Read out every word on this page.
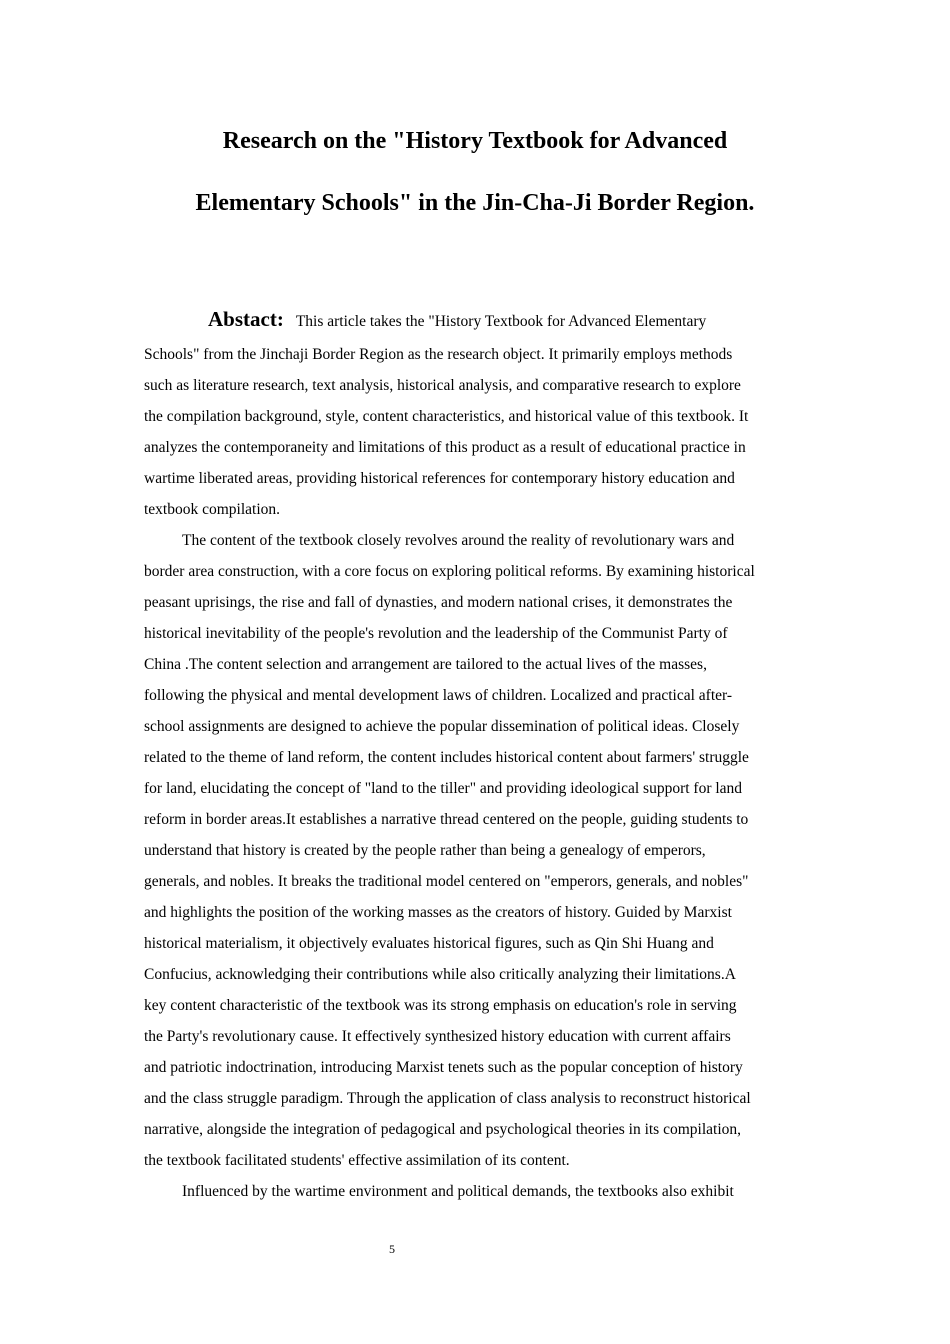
Research on the "History Textbook for Advanced
Elementary Schools" in the Jin-Cha-Ji Border Region.
Abstact: This article takes the "History Textbook for Advanced Elementary
Schools" from the Jinchaji Border Region as the research object. It primarily employs methods
such as literature research, text analysis, historical analysis, and comparative research to explore
the compilation background, style, content characteristics, and historical value of this textbook. It
analyzes the contemporaneity and limitations of this product as a result of educational practice in
wartime liberated areas, providing historical references for contemporary history education and
textbook compilation.
The content of the textbook closely revolves around the reality of revolutionary wars and
border area construction, with a core focus on exploring political reforms. By examining historical
peasant uprisings, the rise and fall of dynasties, and modern national crises, it demonstrates the
historical inevitability of the people's revolution and the leadership of the Communist Party of
China .The content selection and arrangement are tailored to the actual lives of the masses,
following the physical and mental development laws of children. Localized and practical after-
school assignments are designed to achieve the popular dissemination of political ideas. Closely
related to the theme of land reform, the content includes historical content about farmers' struggle
for land, elucidating the concept of "land to the tiller" and providing ideological support for land
reform in border areas.It establishes a narrative thread centered on the people, guiding students to
understand that history is created by the people rather than being a genealogy of emperors,
generals, and nobles. It breaks the traditional model centered on "emperors, generals, and nobles"
and highlights the position of the working masses as the creators of history. Guided by Marxist
historical materialism, it objectively evaluates historical figures, such as Qin Shi Huang and
Confucius, acknowledging their contributions while also critically analyzing their limitations.A
key content characteristic of the textbook was its strong emphasis on education's role in serving
the Party's revolutionary cause. It effectively synthesized history education with current affairs
and patriotic indoctrination, introducing Marxist tenets such as the popular conception of history
and the class struggle paradigm. Through the application of class analysis to reconstruct historical
narrative, alongside the integration of pedagogical and psychological theories in its compilation,
the textbook facilitated students' effective assimilation of its content.
Influenced by the wartime environment and political demands, the textbooks also exhibit
5
